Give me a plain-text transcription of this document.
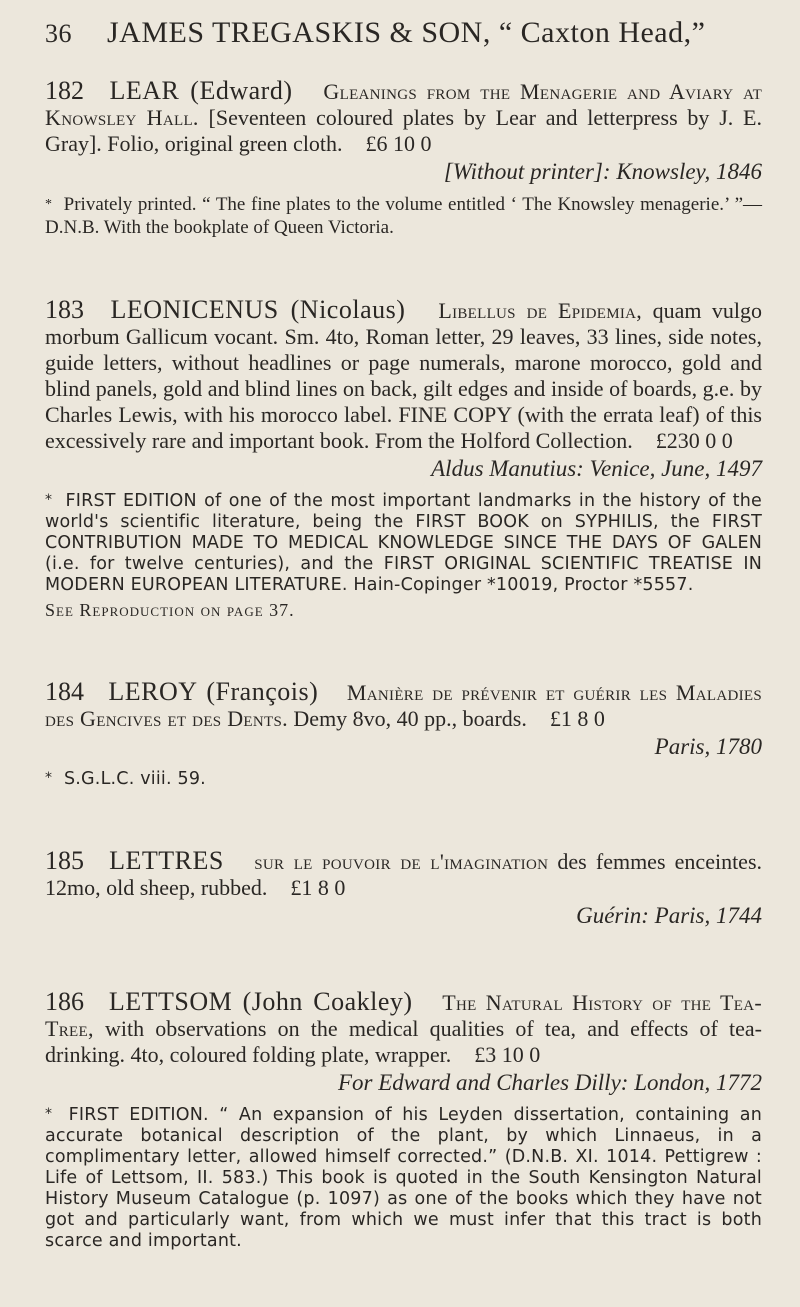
36	JAMES TREGASKIS & SON, “ Caxton Head,”

182 LEAR (Edward) Gleanings from the Menagerie and Aviary at Knowsley Hall. [Seventeen coloured plates by Lear and letterpress by J. E. Gray]. Folio, original green cloth. £6 10 0

[Without printer]: Knowsley, 1846

* Privately printed. “ The fine plates to the volume entitled ‘ The Knowsley menagerie.’ ”—D.N.B. With the bookplate of Queen Victoria.

183 LEONICENUS (Nicolaus) Libellus de Epidemia, quam vulgo morbum Gallicum vocant. Sm. 4to, Roman letter, 29 leaves, 33 lines, side notes, guide letters, without headlines or page numerals, marone morocco, gold and blind panels, gold and blind lines on back, gilt edges and inside of boards, g.e. by Charles Lewis, with his morocco label. FINE COPY (with the errata leaf) of this excessively rare and important book. From the Holford Collection. £230 0 0

Aldus Manutius: Venice, June, 1497

* FIRST EDITION of one of the most important landmarks in the history of the world's scientific literature, being the FIRST BOOK on SYPHILIS, the FIRST CONTRIBUTION MADE TO MEDICAL KNOWLEDGE SINCE THE DAYS OF GALEN (i.e. for twelve centuries), and the FIRST ORIGINAL SCIENTIFIC TREATISE IN MODERN EUROPEAN LITERATURE. Hain-Copinger *10019, Proctor *5557.

See Reproduction on page 37.

184 LEROY (François) Manière de prévenir et guérir les Maladies des Gencives et des Dents. Demy 8vo, 40 pp., boards. £1 8 0

Paris, 1780

* S.G.L.C. viii. 59.

185 LETTRES sur le pouvoir de l'imagination des femmes enceintes. 12mo, old sheep, rubbed. £1 8 0

Guérin: Paris, 1744

186 LETTSOM (John Coakley) The Natural History of the Tea-Tree, with observations on the medical qualities of tea, and effects of tea-drinking. 4to, coloured folding plate, wrapper. £3 10 0

For Edward and Charles Dilly: London, 1772

* FIRST EDITION. “ An expansion of his Leyden dissertation, containing an accurate botanical description of the plant, by which Linnaeus, in a complimentary letter, allowed himself corrected.” (D.N.B. XI. 1014. Pettigrew : Life of Lettsom, II. 583.) This book is quoted in the South Kensington Natural History Museum Catalogue (p. 1097) as one of the books which they have not got and particularly want, from which we must infer that this tract is both scarce and important.
